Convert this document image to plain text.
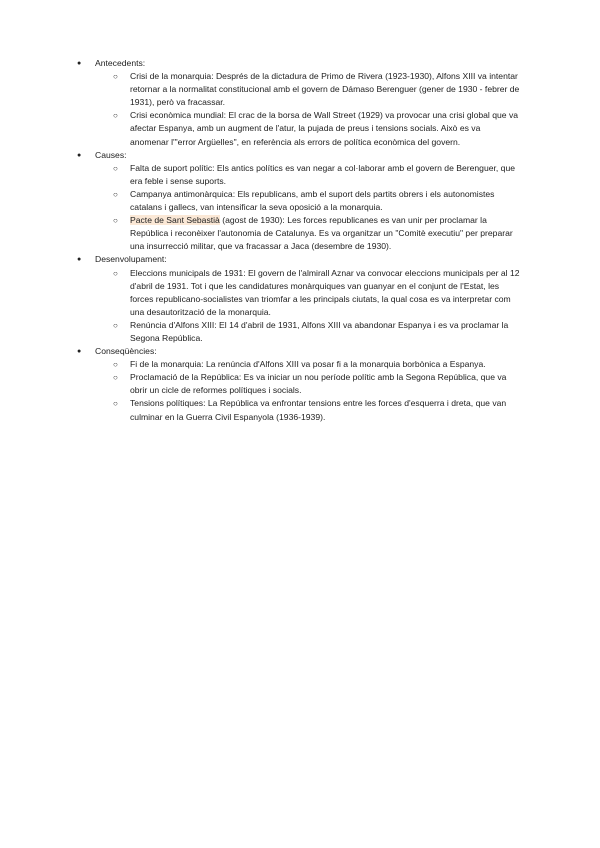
●	Antecedents:
○	Crisi de la monarquia: Després de la dictadura de Primo de Rivera (1923-1930), Alfons XIII va intentar retornar a la normalitat constitucional amb el govern de Dámaso Berenguer (gener de 1930 - febrer de 1931), però va fracassar.
○	Crisi econòmica mundial: El crac de la borsa de Wall Street (1929) va provocar una crisi global que va afectar Espanya, amb un augment de l'atur, la pujada de preus i tensions socials. Això es va anomenar l'"error Argüelles", en referència als errors de política econòmica del govern.
●	Causes:
○	Falta de suport polític: Els antics polítics es van negar a col·laborar amb el govern de Berenguer, que era feble i sense suports.
○	Campanya antimonàrquica: Els republicans, amb el suport dels partits obrers i els autonomistes catalans i gallecs, van intensificar la seva oposició a la monarquia.
○	Pacte de Sant Sebastià (agost de 1930): Les forces republicanes es van unir per proclamar la República i reconèixer l'autonomia de Catalunya. Es va organitzar un "Comitè executiu" per preparar una insurrecció militar, que va fracassar a Jaca (desembre de 1930).
●	Desenvolupament:
○	Eleccions municipals de 1931: El govern de l'almirall Aznar va convocar eleccions municipals per al 12 d'abril de 1931. Tot i que les candidatures monàrquiques van guanyar en el conjunt de l'Estat, les forces republicano-socialistes van triomfar a les principals ciutats, la qual cosa es va interpretar com una desautorització de la monarquia.
○	Renúncia d'Alfons XIII: El 14 d'abril de 1931, Alfons XIII va abandonar Espanya i es va proclamar la Segona República.
●	Conseqüències:
○	Fi de la monarquia: La renúncia d'Alfons XIII va posar fi a la monarquia borbònica a Espanya.
○	Proclamació de la República: Es va iniciar un nou període polític amb la Segona República, que va obrir un cicle de reformes polítiques i socials.
○	Tensions polítiques: La República va enfrontar tensions entre les forces d'esquerra i dreta, que van culminar en la Guerra Civil Espanyola (1936-1939).
